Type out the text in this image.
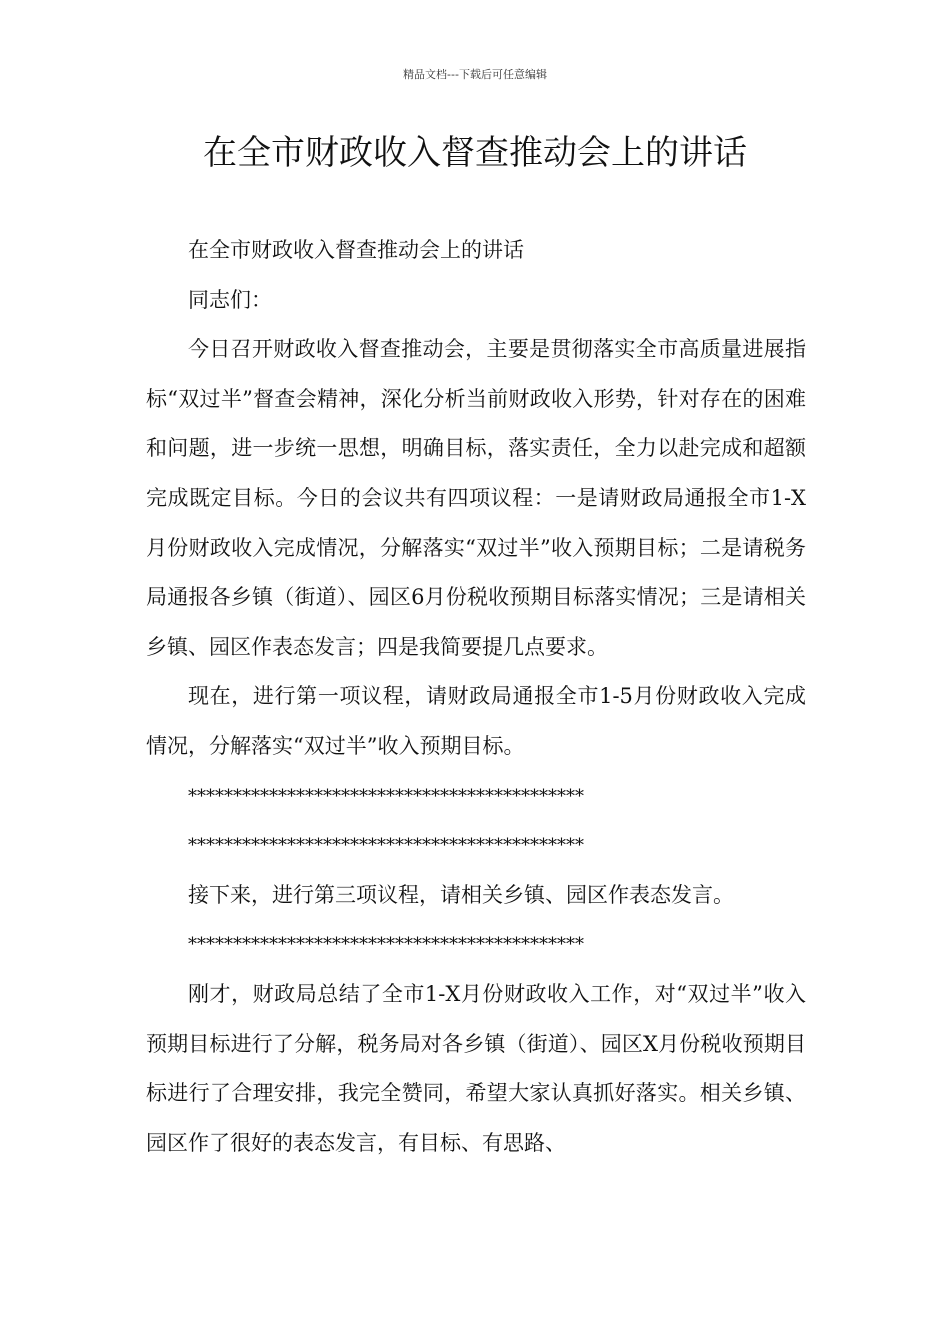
精品文档---下载后可任意编辑
在全市财政收入督查推动会上的讲话

在全市财政收入督查推动会上的讲话

同志们：

今日召开财政收入督查推动会，主要是贯彻落实全市高质量进展指标“双过半”督查会精神，深化分析当前财政收入形势，针对存在的困难和问题，进一步统一思想，明确目标，落实责任，全力以赴完成和超额完成既定目标。今日的会议共有四项议程：一是请财政局通报全市1-X月份财政收入完成情况，分解落实“双过半”收入预期目标；二是请税务局通报各乡镇（街道）、园区6月份税收预期目标落实情况；三是请相关乡镇、园区作表态发言；四是我简要提几点要求。

现在，进行第一项议程，请财政局通报全市1-5月份财政收入完成情况，分解落实“双过半”收入预期目标。

********************************************

********************************************

接下来，进行第三项议程，请相关乡镇、园区作表态发言。

********************************************

刚才，财政局总结了全市1-X月份财政收入工作，对“双过半”收入预期目标进行了分解，税务局对各乡镇（街道）、园区X月份税收预期目标进行了合理安排，我完全赞同，希望大家认真抓好落实。相关乡镇、园区作了很好的表态发言，有目标、有思路、
